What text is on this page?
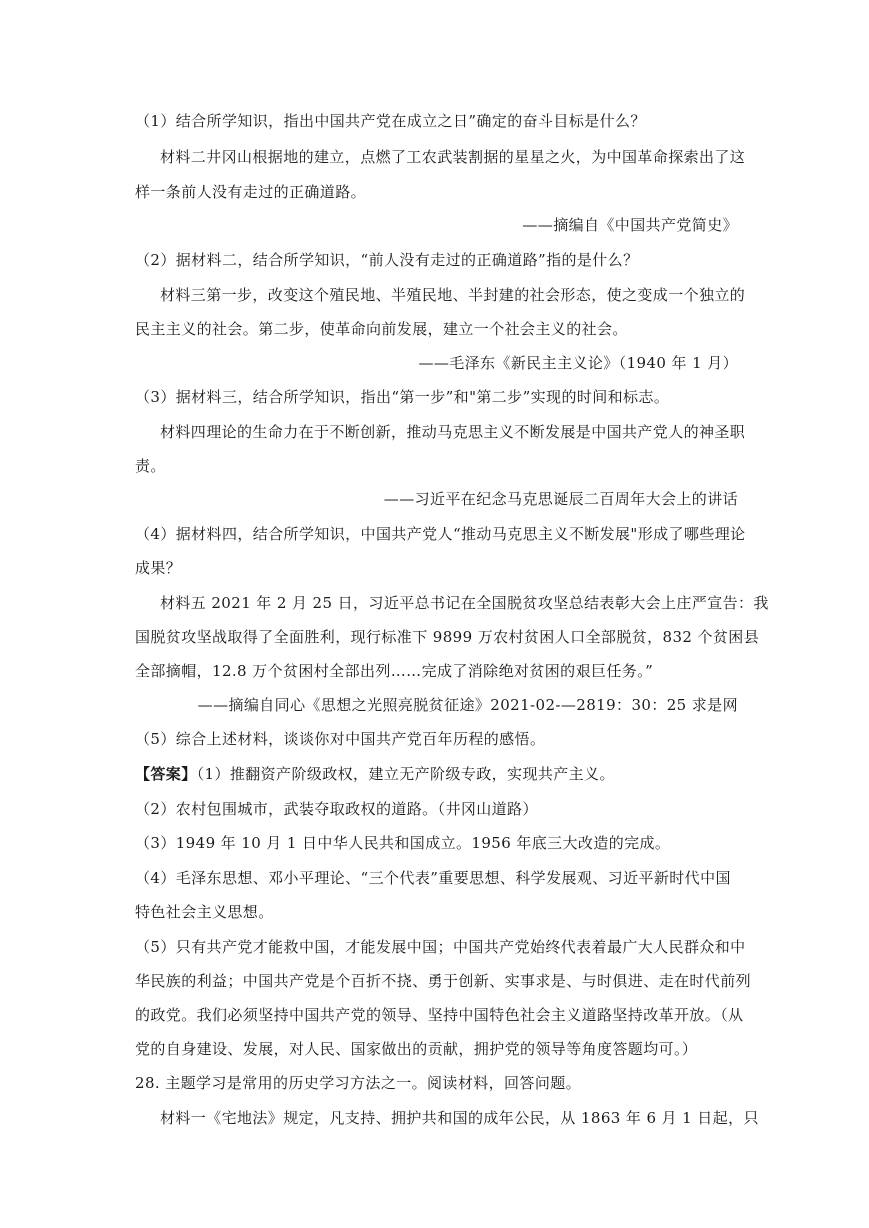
（1）结合所学知识，指出中国共产党在成立之日”确定的奋斗目标是什么？
材料二井冈山根据地的建立，点燃了工农武装割据的星星之火，为中国革命探索出了这
样一条前人没有走过的正确道路。
——摘编自《中国共产党简史》
（2）据材料二，结合所学知识，“前人没有走过的正确道路”指的是什么？
材料三第一步，改变这个殖民地、半殖民地、半封建的社会形态，使之变成一个独立的
民主主义的社会。第二步，使革命向前发展，建立一个社会主义的社会。
——毛泽东《新民主主义论》（1940 年 1 月）
（3）据材料三，结合所学知识，指出“第一步”和"第二步”实现的时间和标志。
材料四理论的生命力在于不断创新，推动马克思主义不断发展是中国共产党人的神圣职
责。
——习近平在纪念马克思诞辰二百周年大会上的讲话
（4）据材料四，结合所学知识，中国共产党人“推动马克思主义不断发展"形成了哪些理论
成果？
材料五 2021 年 2 月 25 日，习近平总书记在全国脱贫攻坚总结表彰大会上庄严宣告：我
国脱贫攻坚战取得了全面胜利，现行标准下 9899 万农村贫困人口全部脱贫，832 个贫困县
全部摘帽，12.8 万个贫困村全部出列……完成了消除绝对贫困的艰巨任务。”
——摘编自同心《思想之光照亮脱贫征途》2021-02-—2819：30：25 求是网
（5）综合上述材料，谈谈你对中国共产党百年历程的感悟。
【答案】（1）推翻资产阶级政权，建立无产阶级专政，实现共产主义。
（2）农村包围城市，武装夺取政权的道路。（井冈山道路）
（3）1949 年 10 月 1 日中华人民共和国成立。1956 年底三大改造的完成。
（4）毛泽东思想、邓小平理论、“三个代表”重要思想、科学发展观、习近平新时代中国
特色社会主义思想。
（5）只有共产党才能救中国，才能发展中国；中国共产党始终代表着最广大人民群众和中
华民族的利益；中国共产党是个百折不挠、勇于创新、实事求是、与时俱进、走在时代前列
的政党。我们必须坚持中国共产党的领导、坚持中国特色社会主义道路坚持改革开放。（从
党的自身建设、发展，对人民、国家做出的贡献，拥护党的领导等角度答题均可。）
28. 主题学习是常用的历史学习方法之一。阅读材料，回答问题。
材料一《宅地法》规定，凡支持、拥护共和国的成年公民，从 1863 年 6 月 1 日起，只
